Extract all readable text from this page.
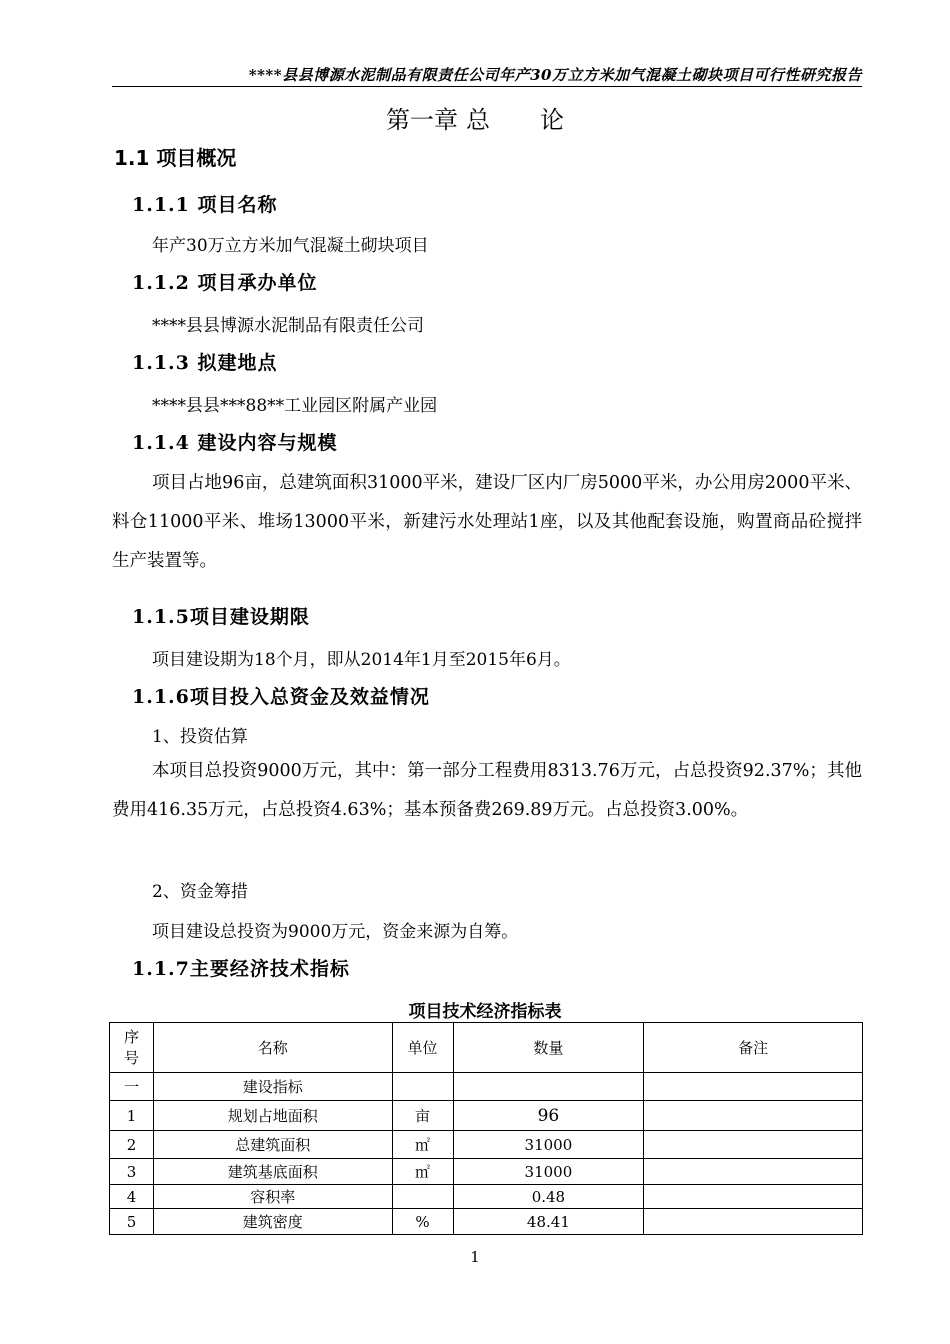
****县县博源水泥制品有限责任公司年产30万立方米加气混凝土砌块项目可行性研究报告
第一章 总 论
1.1 项目概况
1.1.1 项目名称
年产30万立方米加气混凝土砌块项目
1.1.2 项目承办单位
****县县博源水泥制品有限责任公司
1.1.3 拟建地点
****县县***88**工业园区附属产业园
1.1.4 建设内容与规模
项目占地96亩，总建筑面积31000平米，建设厂区内厂房5000平米，办公用房2000平米、料仓11000平米、堆场13000平米，新建污水处理站1座，以及其他配套设施，购置商品砼搅拌生产装置等。
1.1.5项目建设期限
项目建设期为18个月，即从2014年1月至2015年6月。
1.1.6项目投入总资金及效益情况
1、投资估算
本项目总投资9000万元，其中：第一部分工程费用8313.76万元，占总投资92.37%；其他费用416.35万元，占总投资4.63%；基本预备费269.89万元。占总投资3.00%。
2、资金筹措
项目建设总投资为9000万元，资金来源为自筹。
1.1.7主要经济技术指标
项目技术经济指标表
序号	名称	单位	数量	备注
一	建设指标			
1	规划占地面积	亩	96	
2	总建筑面积	㎡	31000	
3	建筑基底面积	㎡	31000	
4	容积率		0.48	
5	建筑密度	%	48.41	
1
